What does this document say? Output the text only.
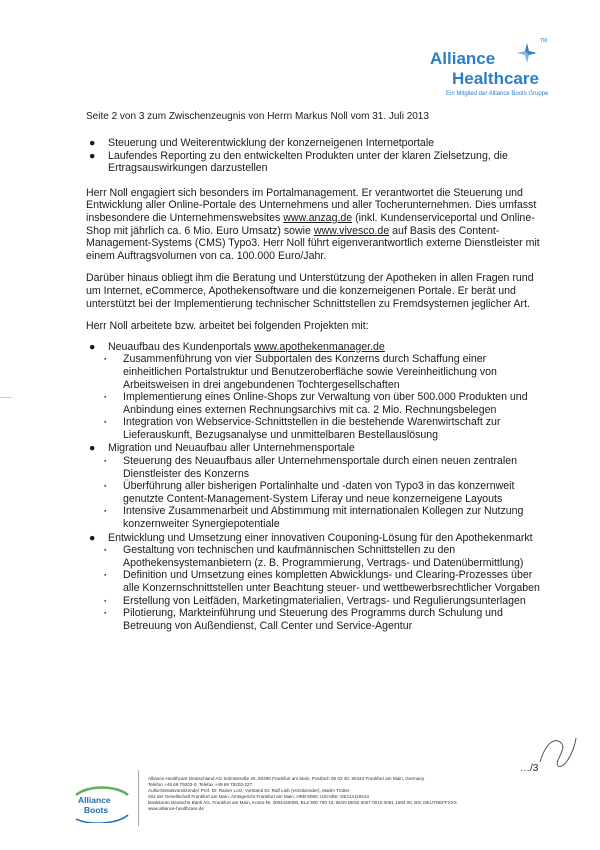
TM
Alliance
Healthcare
Ein Mitglied der Alliance Boots Gruppe
Seite 2 von 3 zum Zwischenzeugnis von Herrn Markus Noll vom 31. Juli 2013
● Steuerung und Weiterentwicklung der konzerneigenen Internetportale
● Laufendes Reporting zu den entwickelten Produkten unter der klaren Zielsetzung, die Ertragsauswirkungen darzustellen

Herr Noll engagiert sich besonders im Portalmanagement. Er verantwortet die Steuerung und Entwicklung aller Online-Portale des Unternehmens und aller Tocherunternehmen. Dies umfasst insbesondere die Unternehmenswebsites www.anzag.de (inkl. Kundenserviceportal und Online-Shop mit jährlich ca. 6 Mio. Euro Umsatz) sowie www.vivesco.de auf Basis des Content-Management-Systems (CMS) Typo3. Herr Noll führt eigenverantwortlich externe Dienstleister mit einem Auftragsvolumen von ca. 100.000 Euro/Jahr.

Darüber hinaus obliegt ihm die Beratung und Unterstützung der Apotheken in allen Fragen rund um Internet, eCommerce, Apothekensoftware und die konzerneigenen Portale. Er berät und unterstützt bei der Implementierung technischer Schnittstellen zu Fremdsystemen jeglicher Art.

Herr Noll arbeitete bzw. arbeitet bei folgenden Projekten mit:

● Neuaufbau des Kundenportals www.apothekenmanager.de
▪ Zusammenführung von vier Subportalen des Konzerns durch Schaffung einer einheitlichen Portalstruktur und Benutzeroberfläche sowie Vereinheitlichung von Arbeitsweisen in drei angebundenen Tochtergesellschaften
▪ Implementierung eines Online-Shops zur Verwaltung von über 500.000 Produkten und Anbindung eines externen Rechnungsarchivs mit ca. 2 Mio. Rechnungsbelegen
▪ Integration von Webservice-Schnittstellen in die bestehende Warenwirtschaft zur Lieferauskunft, Bezugsanalyse und unmittelbaren Bestellauslösung
● Migration und Neuaufbau aller Unternehmensportale
▪ Steuerung des Neuaufbaus aller Unternehmensportale durch einen neuen zentralen Dienstleister des Konzerns
▪ Überführung aller bisherigen Portalinhalte und -daten von Typo3 in das konzernweit genutzte Content-Management-System Liferay und neue konzerneigene Layouts
▪ Intensive Zusammenarbeit und Abstimmung mit internationalen Kollegen zur Nutzung konzernweiter Synergiepotentiale
● Entwicklung und Umsetzung einer innovativen Couponing-Lösung für den Apothekenmarkt
▪ Gestaltung von technischen und kaufmännischen Schnittstellen zu den Apothekensystemanbietern (z. B. Programmierung, Vertrags- und Datenübermittlung)
▪ Definition und Umsetzung eines kompletten Abwicklungs- und Clearing-Prozesses über alle Konzernschnittstellen unter Beachtung steuer- und wettbewerbsrechtlicher Vorgaben
▪ Erstellung von Leitfäden, Marketingmaterialien, Vertrags- und Regulierungsunterlagen
▪ Pilotierung, Markteinführung und Steuerung des Programms durch Schulung und Betreuung von Außendienst, Call Center und Service-Agentur
…/3
Alliance
Boots
Alliance Healthcare Deutschland AG Solmsstraße 25, 60486 Frankfurt am Main, Postfach 90 03 40, 60443 Frankfurt am Main, Germany
Telefon +49 69 79203-0, Telefax +49 69 79203-227
Aufsichtsratsvorsitzender Prof. Dr. Rainer Lorz, Vorstand Dr. Ralf Lieb (Vorsitzender), Martin Trotter
Sitz der Gesellschaft Frankfurt am Main, Amtsgericht Frankfurt am Main, HRB 8080, USt-IdNr. DE114118413
Bankkonto Deutsche Bank AG, Frankfurt am Main, Konto-Nr. 0091159400, BLZ 500 700 10, IBAN DE92 5007 0010 0091 1594 00, BIC DEUTDEFFXXX
www.alliance-healthcare.de
